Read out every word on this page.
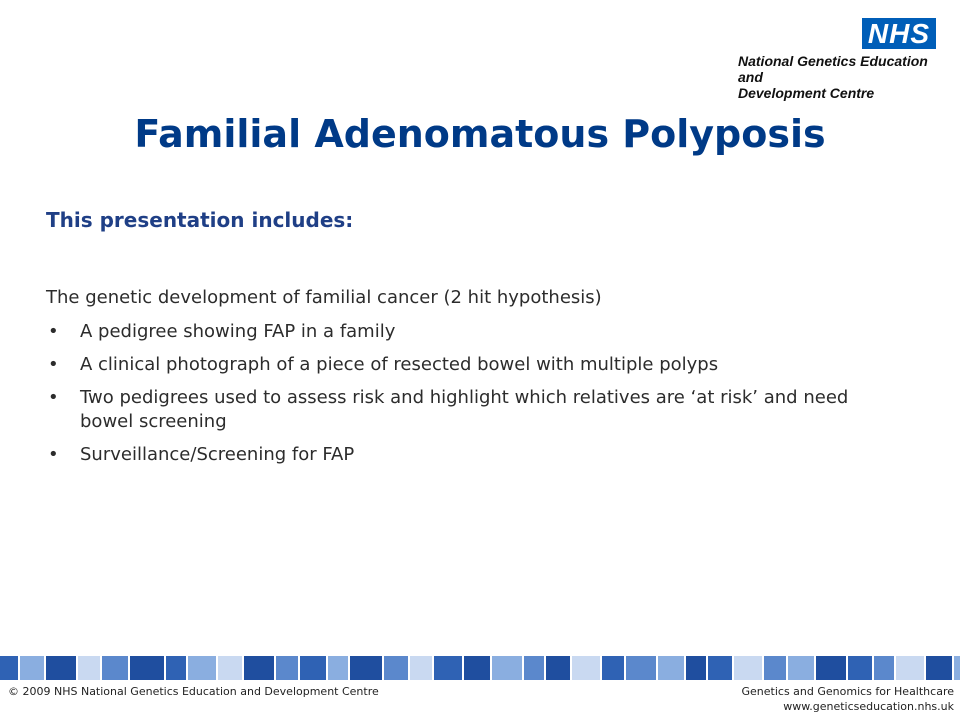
NHS
National Genetics Education and
Development Centre
Familial Adenomatous Polyposis
This presentation includes:

The genetic development of familial cancer (2 hit hypothesis)

• A pedigree showing FAP in a family
• A clinical photograph of a piece of resected bowel with multiple polyps
• Two pedigrees used to assess risk and highlight which relatives are ‘at risk’ and need bowel screening
• Surveillance/Screening for FAP
© 2009 NHS National Genetics Education and Development Centre	Genetics and Genomics for Healthcare
www.geneticseducation.nhs.uk
